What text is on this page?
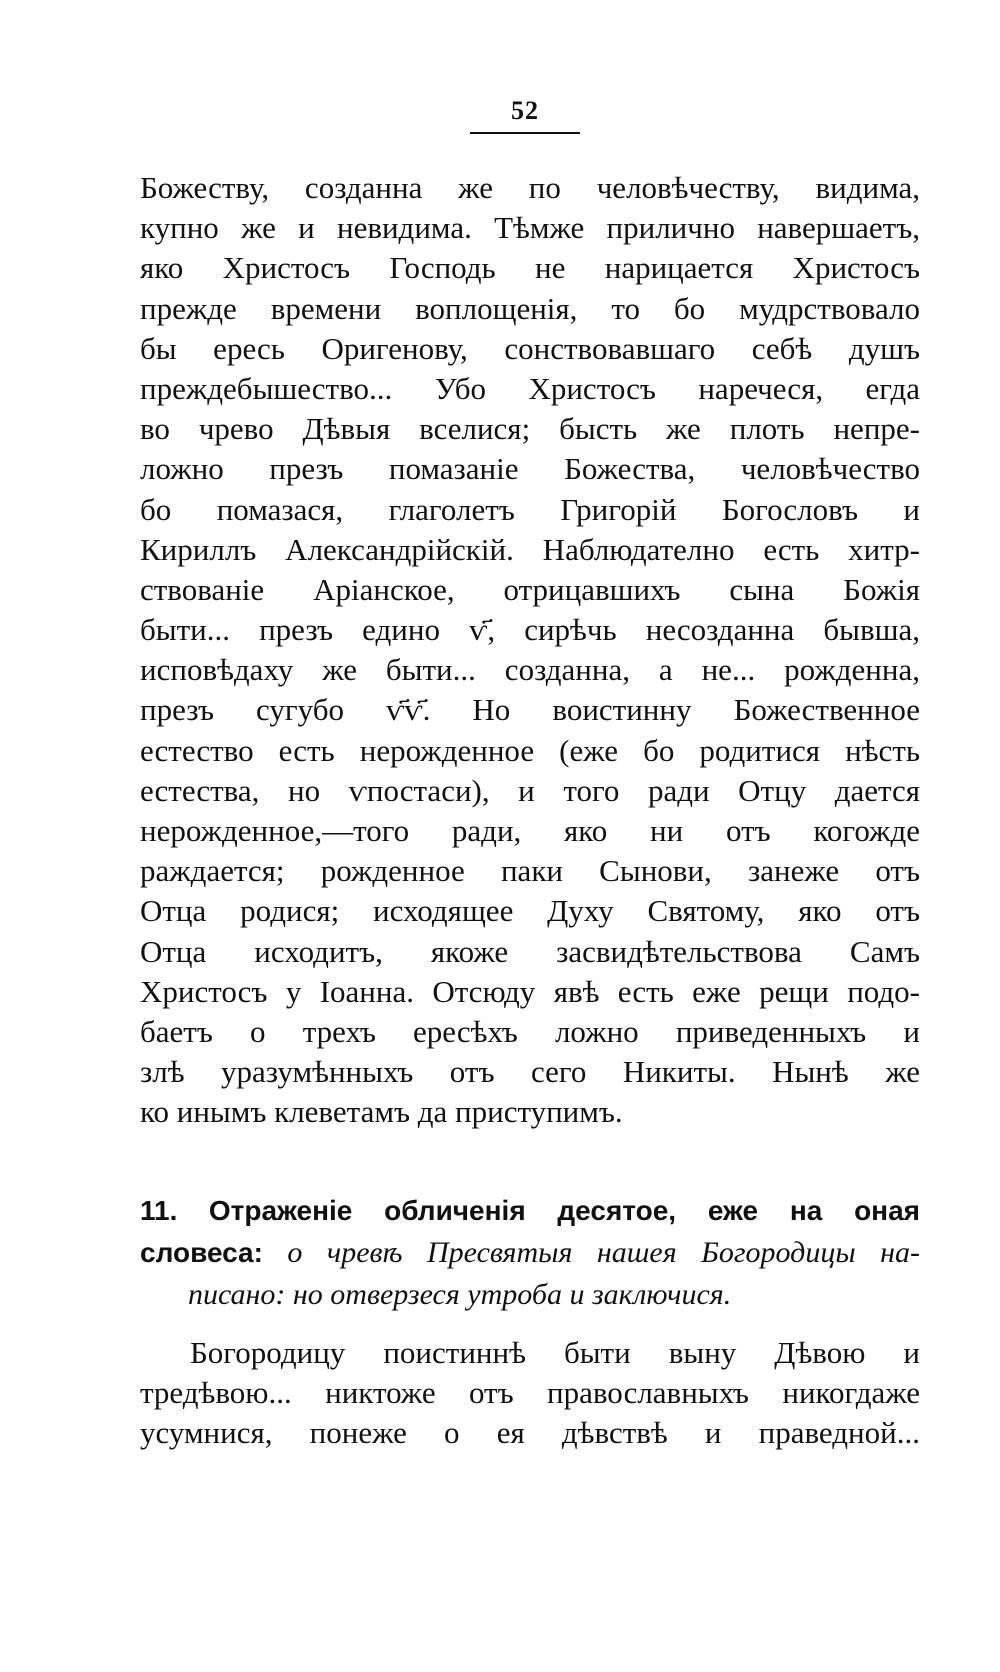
52
Божеству, созданна же по человѣчеству, видима,
купно же и невидима. Тѣмже прилично навершаетъ,
яко Христосъ Господь не нарицается Христосъ
прежде времени воплощенія, то бо мудрствовало
бы ересь Оригенову, сонствовавшаго себѣ душъ
преждебышество... Убо Христосъ наречеся, егда
во чрево Дѣвыя вселися; бысть же плоть непре-
ложно презъ помазаніе Божества, человѣчество
бо помазася, глаголетъ Григорій Богословъ и
Кириллъ Александрійскій. Наблюдателно есть хитр-
ствованіе Аріанское, отрицавшихъ сына Божія
быти... презъ едино ѵ҃, сирѣчь несозданна бывша,
исповѣдаху же быти... созданна, а не... рожденна,
презъ сугубо ѵ҃ѵ҃. Но воистинну Божественное
естество есть нерожденное (еже бо родитися нѣсть
естества, но ѵпостаси), и того ради Отцу дается
нерожденное,—того ради, яко ни отъ когожде
раждается; рожденное паки Сынови, занеже отъ
Отца родися; исходящее Духу Святому, яко отъ
Отца исходитъ, якоже засвидѣтельствова Самъ
Христосъ у Іоанна. Отсюду явѣ есть еже рещи подо-
баетъ о трехъ ересѣхъ ложно приведенныхъ и
злѣ уразумѣнныхъ отъ сего Никиты. Нынѣ же
ко инымъ клеветамъ да приступимъ.
11. Отраженіе обличенія десятое, еже на оная
словеса: о чревѣ Пресвятыя нашея Богородицы на-
писано: но отверзеся утроба и заключися.
Богородицу поистиннѣ быти выну Дѣвою и
тредѣвою... никтоже отъ православныхъ никогдаже
усумнися, понеже о ея дѣвствѣ и праведной...
